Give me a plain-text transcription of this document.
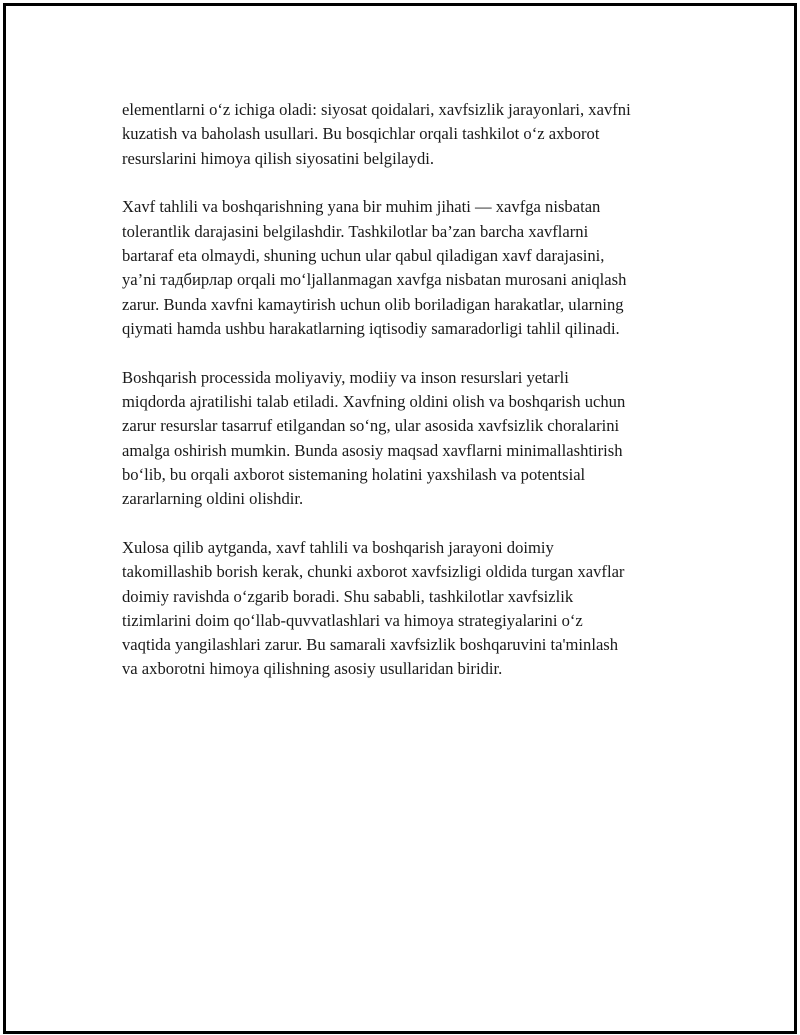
elementlarni o‘z ichiga oladi: siyosat qoidalari, xavfsizlik jarayonlari, xavfni
kuzatish va baholash usullari. Bu bosqichlar orqali tashkilot o‘z axborot
resurslarini himoya qilish siyosatini belgilaydi.

Xavf tahlili va boshqarishning yana bir muhim jihati — xavfga nisbatan
tolerantlik darajasini belgilashdir. Tashkilotlar ba’zan barcha xavflarni
bartaraf eta olmaydi, shuning uchun ular qabul qiladigan xavf darajasini,
ya’ni тадбирлар orqali mo‘ljallanmagan xavfga nisbatan murosani aniqlash
zarur. Bunda xavfni kamaytirish uchun olib boriladigan harakatlar, ularning
qiymati hamda ushbu harakatlarning iqtisodiy samaradorligi tahlil qilinadi.

Boshqarish processida moliyaviy, modiiy va inson resurslari yetarli
miqdorda ajratilishi talab etiladi. Xavfning oldini olish va boshqarish uchun
zarur resurslar tasarruf etilgandan so‘ng, ular asosida xavfsizlik choralarini
amalga oshirish mumkin. Bunda asosiy maqsad xavflarni minimallashtirish
bo‘lib, bu orqali axborot sistemaning holatini yaxshilash va potentsial
zararlarning oldini olishdir.

Xulosa qilib aytganda, xavf tahlili va boshqarish jarayoni doimiy
takomillashib borish kerak, chunki axborot xavfsizligi oldida turgan xavflar
doimiy ravishda o‘zgarib boradi. Shu sababli, tashkilotlar xavfsizlik
tizimlarini doim qo‘llab-quvvatlashlari va himoya strategiyalarini o‘z
vaqtida yangilashlari zarur. Bu samarali xavfsizlik boshqaruvini ta'minlash
va axborotni himoya qilishning asosiy usullaridan biridir.
